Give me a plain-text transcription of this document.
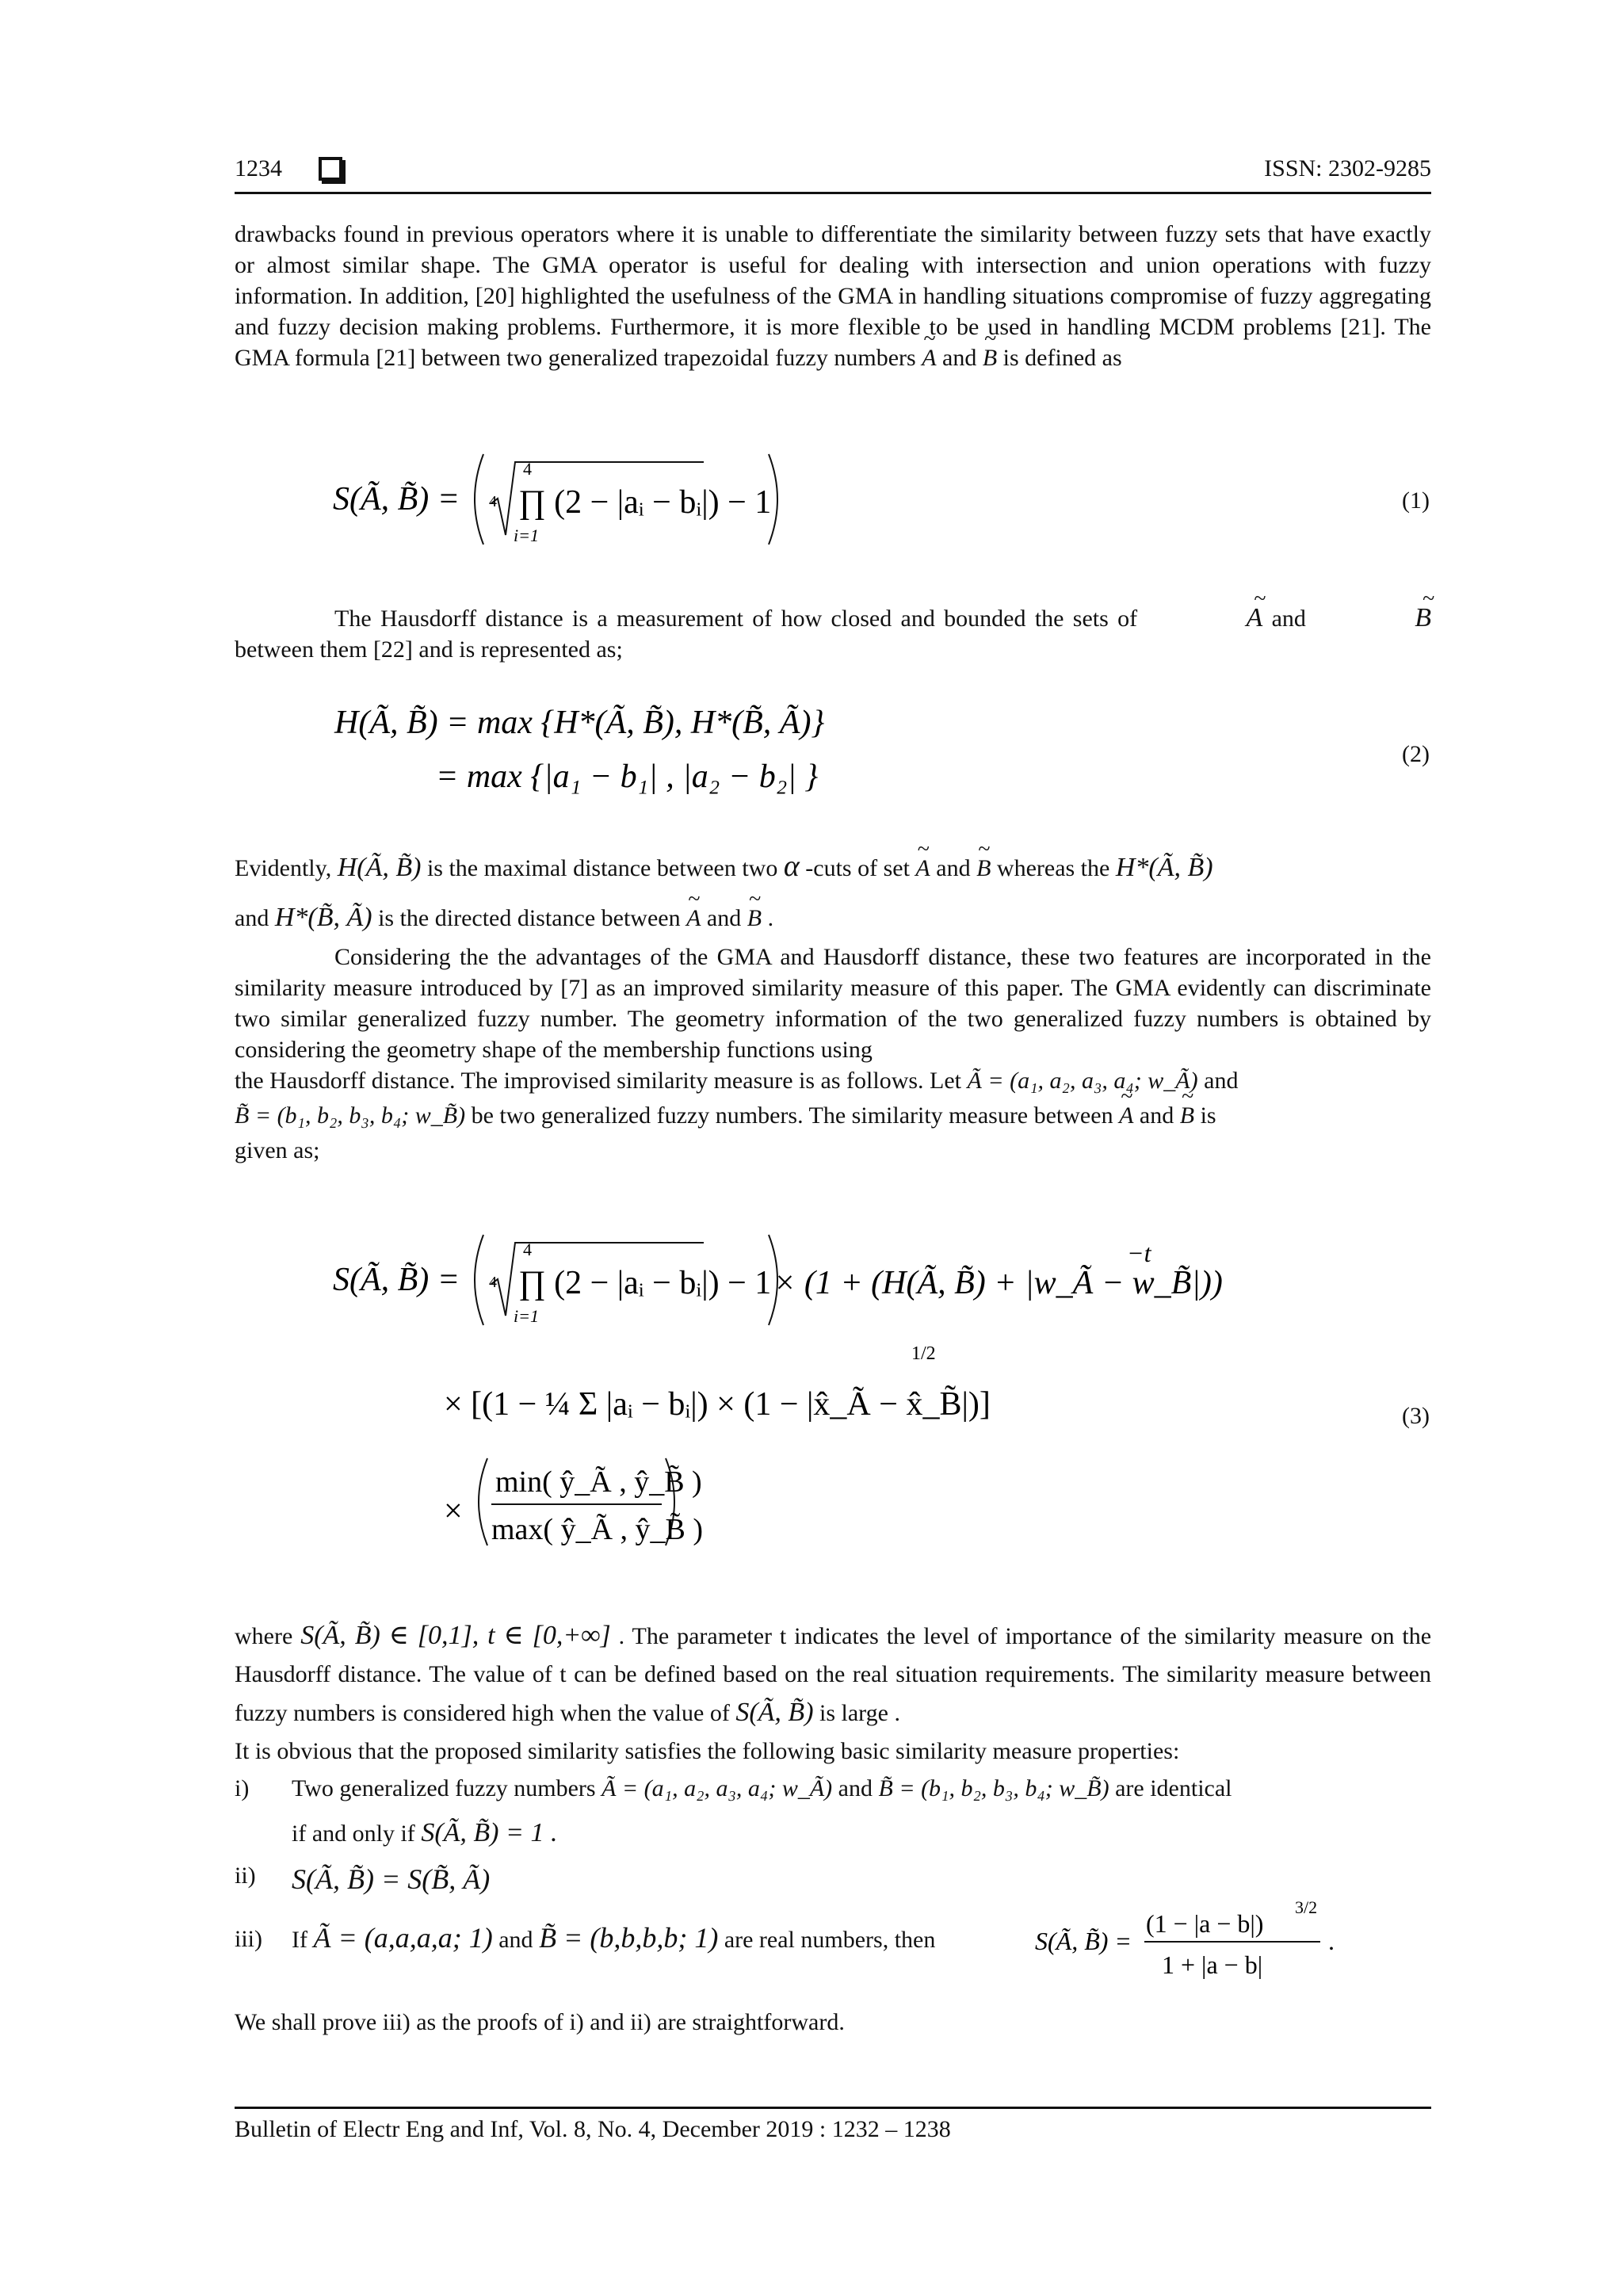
1234	ISSN: 2302-9285
drawbacks found in previous operators where it is unable to differentiate the similarity between fuzzy sets that have exactly or almost similar shape. The GMA operator is useful for dealing with intersection and union operations with fuzzy information. In addition, [20] highlighted the usefulness of the GMA in handling situations compromise of fuzzy aggregating and fuzzy decision making problems. Furthermore, it is more flexible to be used in handling MCDM problems [21]. The GMA formula [21] between two generalized trapezoidal fuzzy numbers ~ A and ~ B is defined as
S(Ã, B̃) = 4
4
i=1
∏ (2 − |aᵢ − bᵢ|) − 1	(1)
The Hausdorff distance is a measurement of how closed and bounded the sets of	~ A and	~ B between them [22] and is represented as;
H(Ã, B̃) = max {H*(Ã, B̃), H*(B̃, Ã)}
= max {|a₁ − b₁| , |a₂ − b₂| }
(2)
Evidently, H(Ã, B̃) is the maximal distance between two α -cuts of set ~ A and ~ B whereas the H*(Ã, B̃)
and H*(B̃, Ã) is the directed distance between ~ A and ~ B .
Considering the the advantages of the GMA and Hausdorff distance, these two features are incorporated in the similarity measure introduced by [7] as an improved similarity measure of this paper. The GMA evidently can discriminate two similar generalized fuzzy number. The geometry information of the two generalized fuzzy numbers is obtained by considering the geometry shape of the membership functions using
the Hausdorff distance. The improvised similarity measure is as follows. Let Ã = (a₁, a₂, a₃, a₄; w_Ã) and
B̃ = (b₁, b₂, b₃, b₄; w_B̃) be two generalized fuzzy numbers. The similarity measure between ~ A and ~ B is
given as;
S(Ã, B̃) = 4
4
i=1
∏ (2 − |aᵢ − bᵢ|) − 1 × (1 + (H(Ã, B̃) + |w_Ã − w_B̃|))
−t
× [(1 − ¼ Σ |aᵢ − bᵢ|) × (1 − |x̂_Ã − x̂_B̃|)]
1/2
×
min( ŷ_Ã , ŷ_B̃ )
max( ŷ_Ã , ŷ_B̃ )
(3)
where S(Ã, B̃) ∈ [0,1], t ∈ [0,+∞] . The parameter t indicates the level of importance of the similarity measure on the Hausdorff distance. The value of t can be defined based on the real situation requirements. The similarity measure between fuzzy numbers is considered high when the value of S(Ã, B̃) is large .
It is obvious that the proposed similarity satisfies the following basic similarity measure properties:
i) Two generalized fuzzy numbers Ã = (a₁, a₂, a₃, a₄; w_Ã) and B̃ = (b₁, b₂, b₃, b₄; w_B̃) are identical
if and only if S(Ã, B̃) = 1 .
ii) S(Ã, B̃) = S(B̃, Ã)
iii) If Ã = (a,a,a,a; 1) and B̃ = (b,b,b,b; 1) are real numbers, then	S(Ã, B̃) =
(1 − |a − b|)
3/2
1 + |a − b|
.
We shall prove iii) as the proofs of i) and ii) are straightforward.
Bulletin of Electr Eng and Inf, Vol. 8, No. 4, December 2019 : 1232 – 1238
